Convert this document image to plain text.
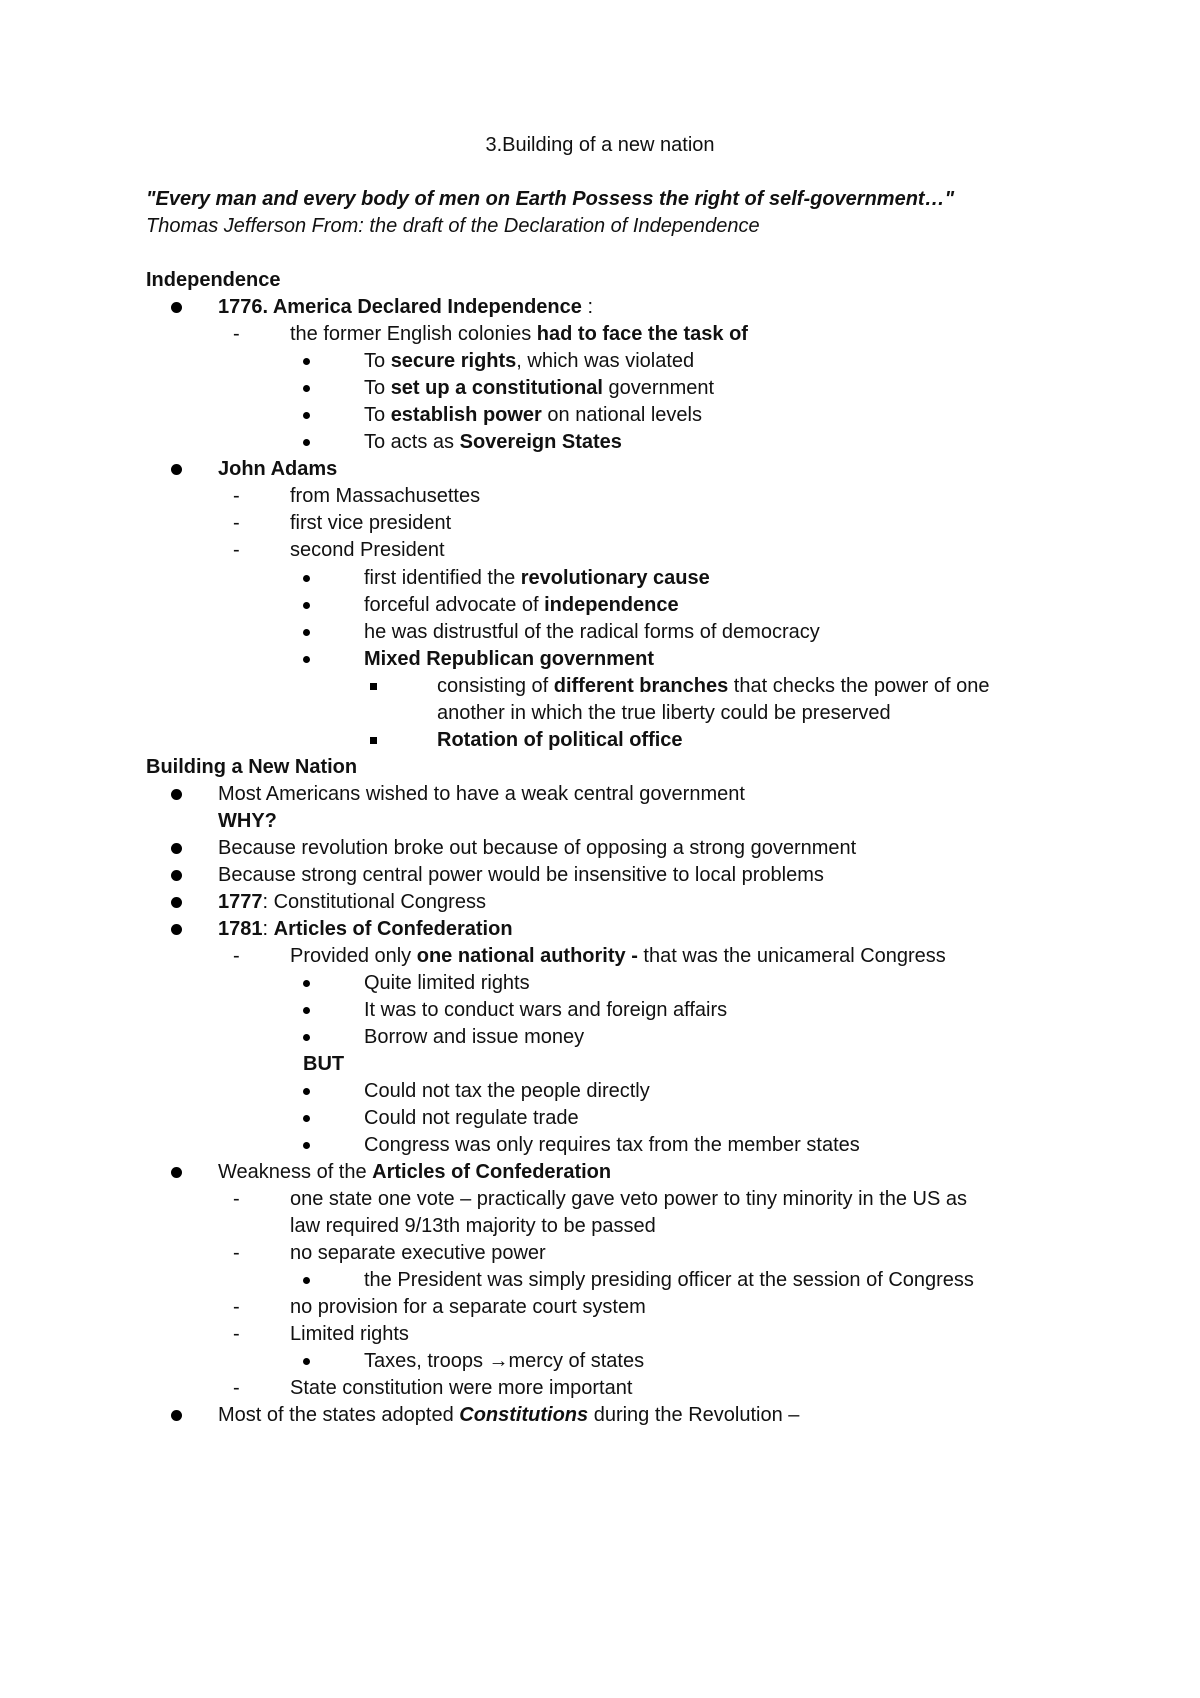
3.Building of a new nation
"Every man and every body of men on Earth Possess the right of self-government…"
Thomas Jefferson From: the draft of the Declaration of Independence
Independence
1776. America Declared Independence :
-	the former English colonies had to face the task of
To secure rights, which was violated
To set up a constitutional government
To establish power on national levels
To acts as Sovereign States
John Adams
-	from Massachusettes
-	first vice president
-	second President
first identified the revolutionary cause
forceful advocate of independence
he was distrustful of the radical forms of democracy
Mixed Republican government
consisting of different branches that checks the power of one
another in which the true liberty could be preserved
Rotation of political office
Building a New Nation
Most Americans wished to have a weak central government
WHY?
Because revolution broke out because of opposing a strong government
Because strong central power would be insensitive to local problems
1777: Constitutional Congress
1781: Articles of Confederation
-	Provided only one national authority - that was the unicameral Congress
Quite limited rights
It was to conduct wars and foreign affairs
Borrow and issue money
BUT
Could not tax the people directly
Could not regulate trade
Congress was only requires tax from the member states
Weakness of the Articles of Confederation
-	one state one vote – practically gave veto power to tiny minority in the US as
law required 9/13th majority to be passed
-	no separate executive power
the President was simply presiding officer at the session of Congress
-	no provision for a separate court system
-	Limited rights
Taxes, troops →mercy of states
-	State constitution were more important
Most of the states adopted Constitutions during the Revolution –
